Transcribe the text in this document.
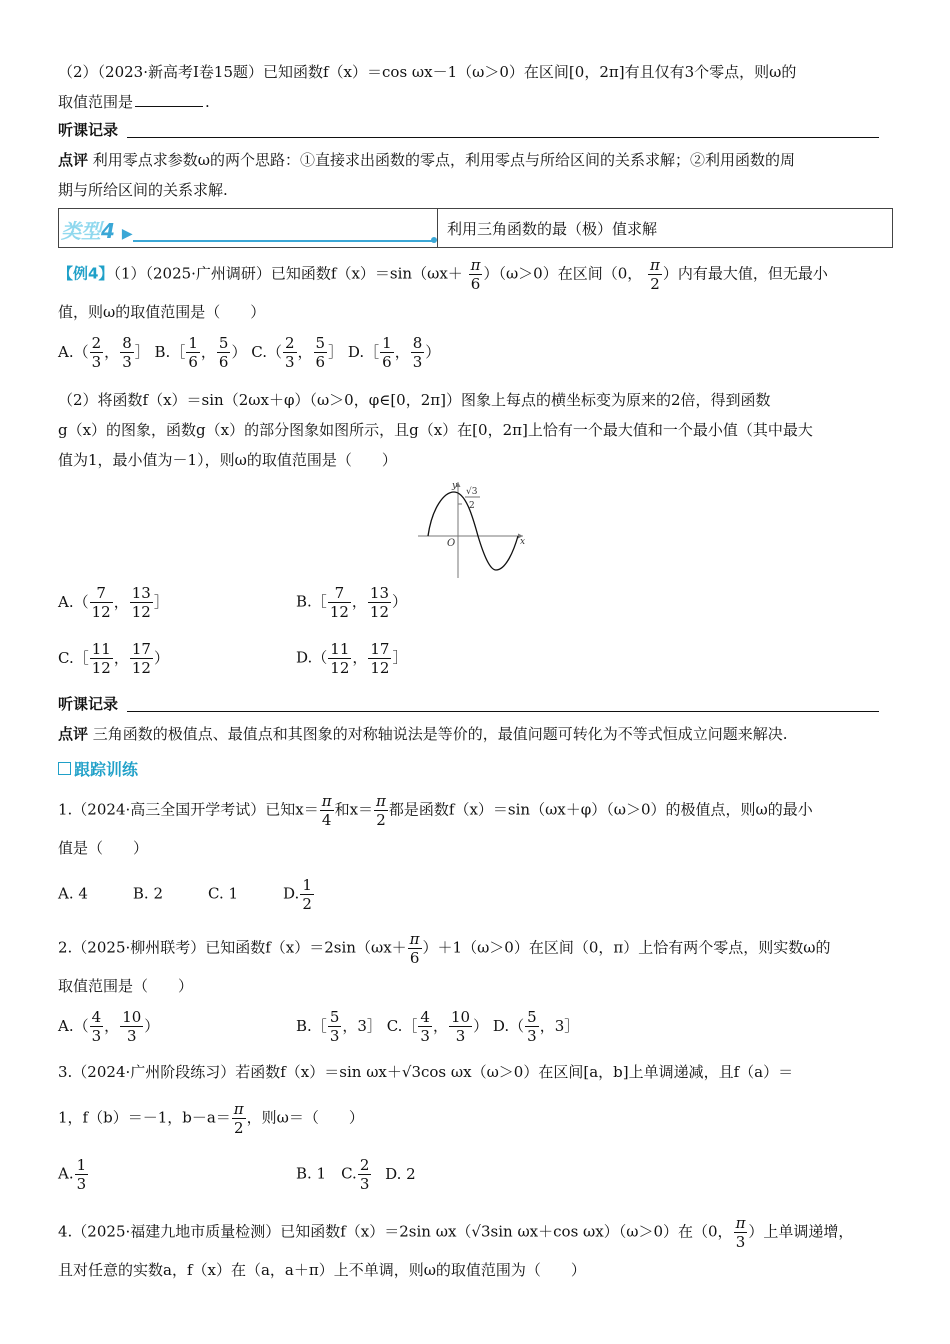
（2）（2023·新高考Ⅰ卷15题）已知函数f（x）＝cos ωx－1（ω＞0）在区间[0，2π]有且仅有3个零点，则ω的
取值范围是	.
听课记录
点评 利用零点求参数ω的两个思路：①直接求出函数的零点，利用零点与所给区间的关系求解；②利用函数的周
期与所给区间的关系求解.
类型4 ▶	利用三角函数的最（极）值求解
【例4】（1）（2025·广州调研）已知函数$f(x)=\sin(\omega x+ \frac{\pi}{6} )(\omega>0)$在区间（0， $\frac{\pi}{2}$ ）内有最大值，但无最小
值，则ω的取值范围是（　　）
$A.( \frac{2}{3}$ ， $\frac{8}{3}$ ］ B.［ $\frac{1}{6}$ ， $\frac{5}{6}$ ） $C.( \frac{2}{3}$ ， $\frac{5}{6}$ ］ D.［ $\frac{1}{6}$ ， $\frac{8}{3}$ ）
（2）将函数f（x）＝sin（2ωx＋φ）（ω＞0，φ∈[0，2π]）图象上每点的横坐标变为原来的2倍，得到函数
g（x）的图象，函数g（x）的部分图象如图所示，且g（x）在[0，2π]上恰有一个最大值和一个最小值（其中最大
值为1，最小值为－1），则ω的取值范围是（　　）
y
x
O
√3
2
$A.( \frac{7}{12}$ ， $\frac{13}{12}$ ］	B.［ $\frac{7}{12}$ ， $\frac{13}{12}$ ）
C.［ $\frac{11}{12}$ ， $\frac{17}{12}$ ）	$D.( \frac{11}{12}$ ， $\frac{17}{12}$ ］
听课记录
点评 三角函数的极值点、最值点和其图象的对称轴说法是等价的，最值问题可转化为不等式恒成立问题来解决.
跟踪训练
1.（2024·高三全国开学考试）已知$x= \frac{\pi}{4}$ 和$x= \frac{\pi}{2}$ 都是函数f（x）＝sin（ωx＋φ）（ω＞0）的极值点，则ω的最小
值是（　　）
A. 4　　　B. 2　　　C. 1　　　D. $\frac{1}{2}$
2.（2025·柳州联考）已知函数$f(x)=2\sin(\omega x+ \frac{\pi}{6} )+1(\omega>0)$在区间（0，π）上恰有两个零点，则实数ω的
取值范围是（　　）
$A.( \frac{4}{3}$ ， $\frac{10}{3}$ ）	B.［ $\frac{5}{3}$ ，3］ C.［ $\frac{4}{3}$ ， $\frac{10}{3}$ ） $D.( \frac{5}{3}$ ，3］
3.（2024·广州阶段练习）若函数f（x）＝sin ωx＋√3cos ωx（ω＞0）在区间[a，b]上单调递减，且f（a）＝
1，f（b）＝－1，$b-a= \frac{\pi}{2}$ ，则ω＝（　　）
A. $\frac{1}{3}$	B. 1　C. $\frac{2}{3} D$. 2
4.（2025·福建九地市质量检测）已知函数f（x）＝2sin ωx（√3sin ωx＋cos ωx）（ω＞0）在（0， $\frac{\pi}{3}$ ）上单调递增，
且对任意的实数a，f（x）在（a，a＋π）上不单调，则ω的取值范围为（　　）
